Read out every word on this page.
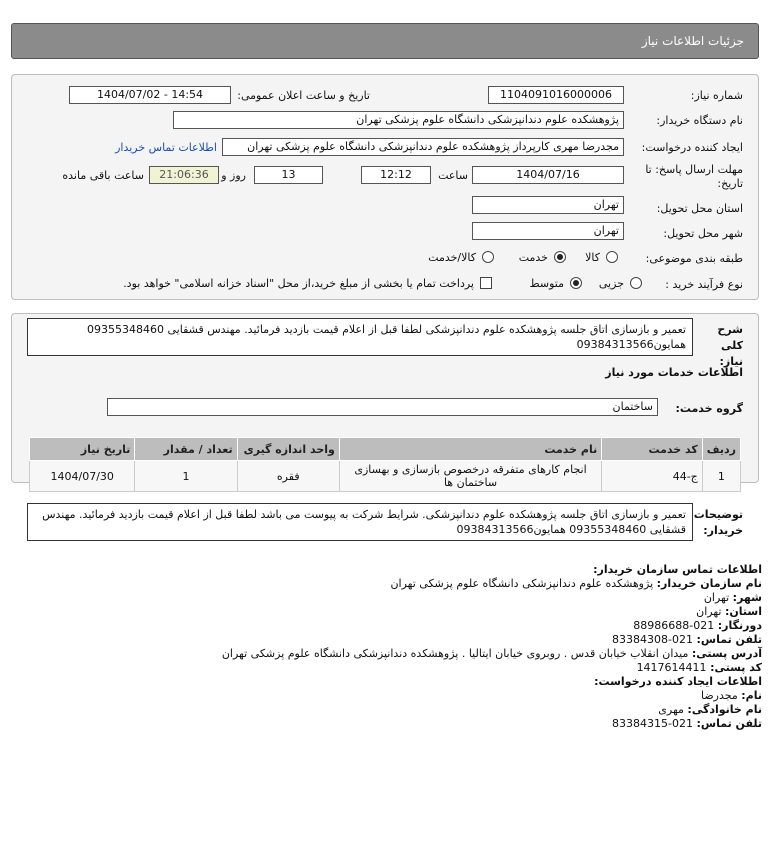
جزئیات اطلاعات نیاز
شماره نیاز:
1104091016000006
تاریخ و ساعت اعلان عمومی:
1404/07/02 - 14:54
نام دستگاه خریدار:
پژوهشکده علوم دندانپزشکی دانشگاه علوم پزشکی تهران
ایجاد کننده درخواست:
مجدرضا مهری کارپرداز پژوهشکده علوم دندانپزشکی دانشگاه علوم پزشکی تهران
اطلاعات تماس خریدار
مهلت ارسال پاسخ: تا تاریخ:
1404/07/16
ساعت
12:12
13
روز و
21:06:36
ساعت باقی مانده
استان محل تحویل:
تهران
شهر محل تحویل:
تهران
طبقه بندی موضوعی:
کالا
خدمت
کالا/خدمت
نوع فرآیند خرید :
جزیی
متوسط
پرداخت تمام یا بخشی از مبلغ خرید،از محل "اسناد خزانه اسلامی" خواهد بود.
شرح کلی نیاز:
تعمیر و بازسازی اتاق جلسه پژوهشکده علوم دندانپزشکی لطفا قبل از اعلام قیمت بازدید فرمائید. مهندس قشقایی 09355348460 همایون09384313566
اطلاعات خدمات مورد نیاز
گروه خدمت:
ساختمان
ردیف	کد خدمت	نام خدمت	واحد اندازه گیری	تعداد / مقدار	تاریخ نیاز
1	ج-44	انجام کارهای متفرقه درخصوص بازسازی و بهسازی ساختمان ها	فقره	1	1404/07/30
توضیحات خریدار:
تعمیر و بازسازی اتاق جلسه پژوهشکده علوم دندانپزشکی. شرایط شرکت به پیوست می باشد لطفا قبل از اعلام قیمت بازدید فرمائید. مهندس قشقایی 09355348460 همایون09384313566
اطلاعات تماس سازمان خریدار:
نام سازمان خریدار: پژوهشکده علوم دندانپزشکی دانشگاه علوم پزشکی تهران
شهر: تهران
استان: تهران
دورنگار: 021-88986688
تلفن تماس: 021-83384308
آدرس پستی: میدان انقلاب خیابان قدس . روبروی خیابان ایتالیا . پژوهشکده دندانپزشکی دانشگاه علوم پزشکی تهران
کد پستی: 1417614411
اطلاعات ایجاد کننده درخواست:
نام: مجدرضا
نام خانوادگی: مهری
تلفن تماس: 021-83384315
